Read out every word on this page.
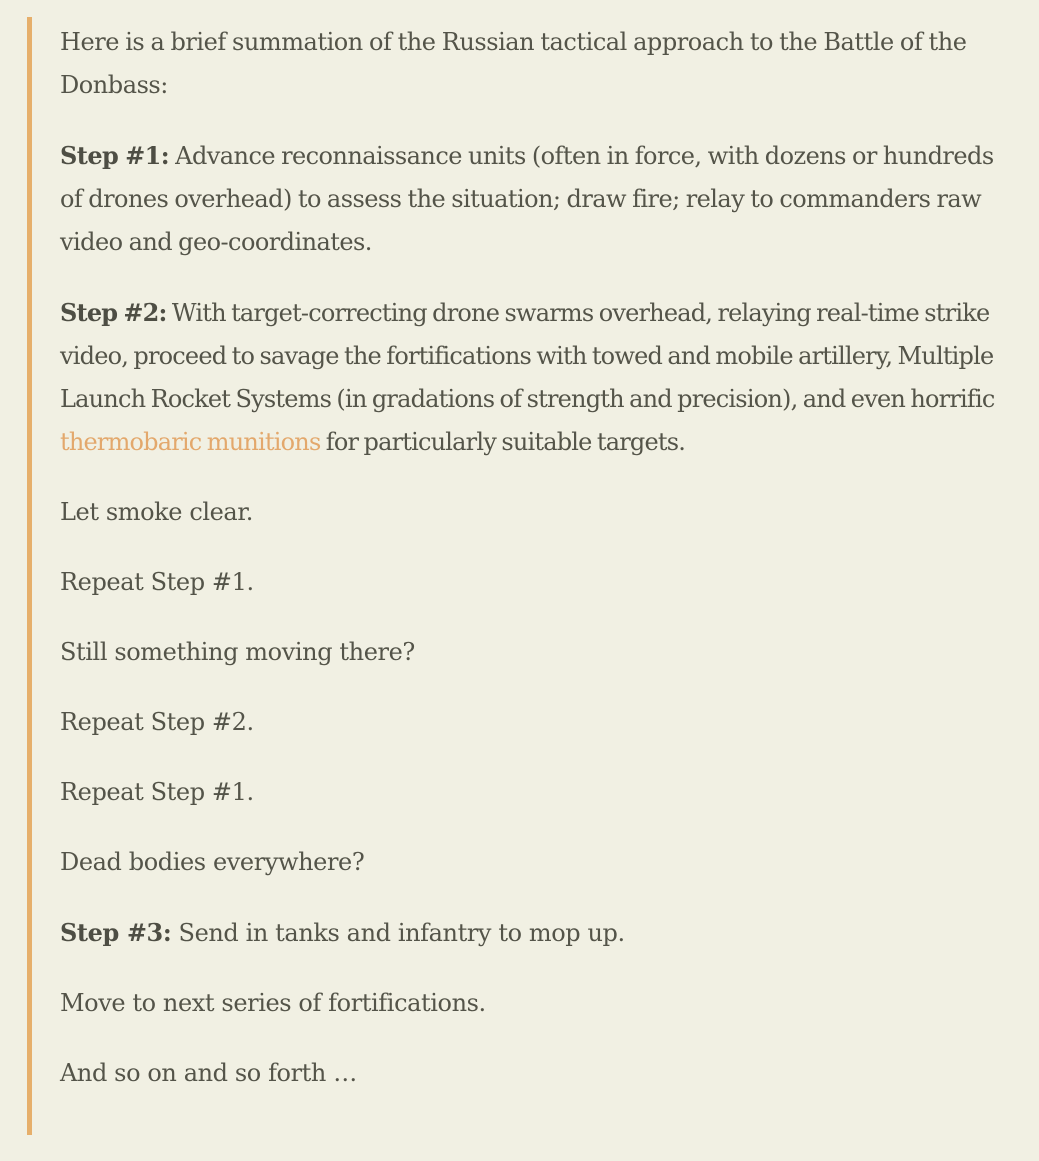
Here is a brief summation of the Russian tactical approach to the Battle of the Donbass:

Step #1: Advance reconnaissance units (often in force, with dozens or hundreds of drones overhead) to assess the situation; draw fire; relay to commanders raw video and geo-coordinates.

Step #2: With target-correcting drone swarms overhead, relaying real-time strike video, proceed to savage the fortifications with towed and mobile artillery, Multiple Launch Rocket Systems (in gradations of strength and precision), and even horrific thermobaric munitions for particularly suitable targets.

Let smoke clear.

Repeat Step #1.

Still something moving there?

Repeat Step #2.

Repeat Step #1.

Dead bodies everywhere?

Step #3: Send in tanks and infantry to mop up.

Move to next series of fortifications.

And so on and so forth …
